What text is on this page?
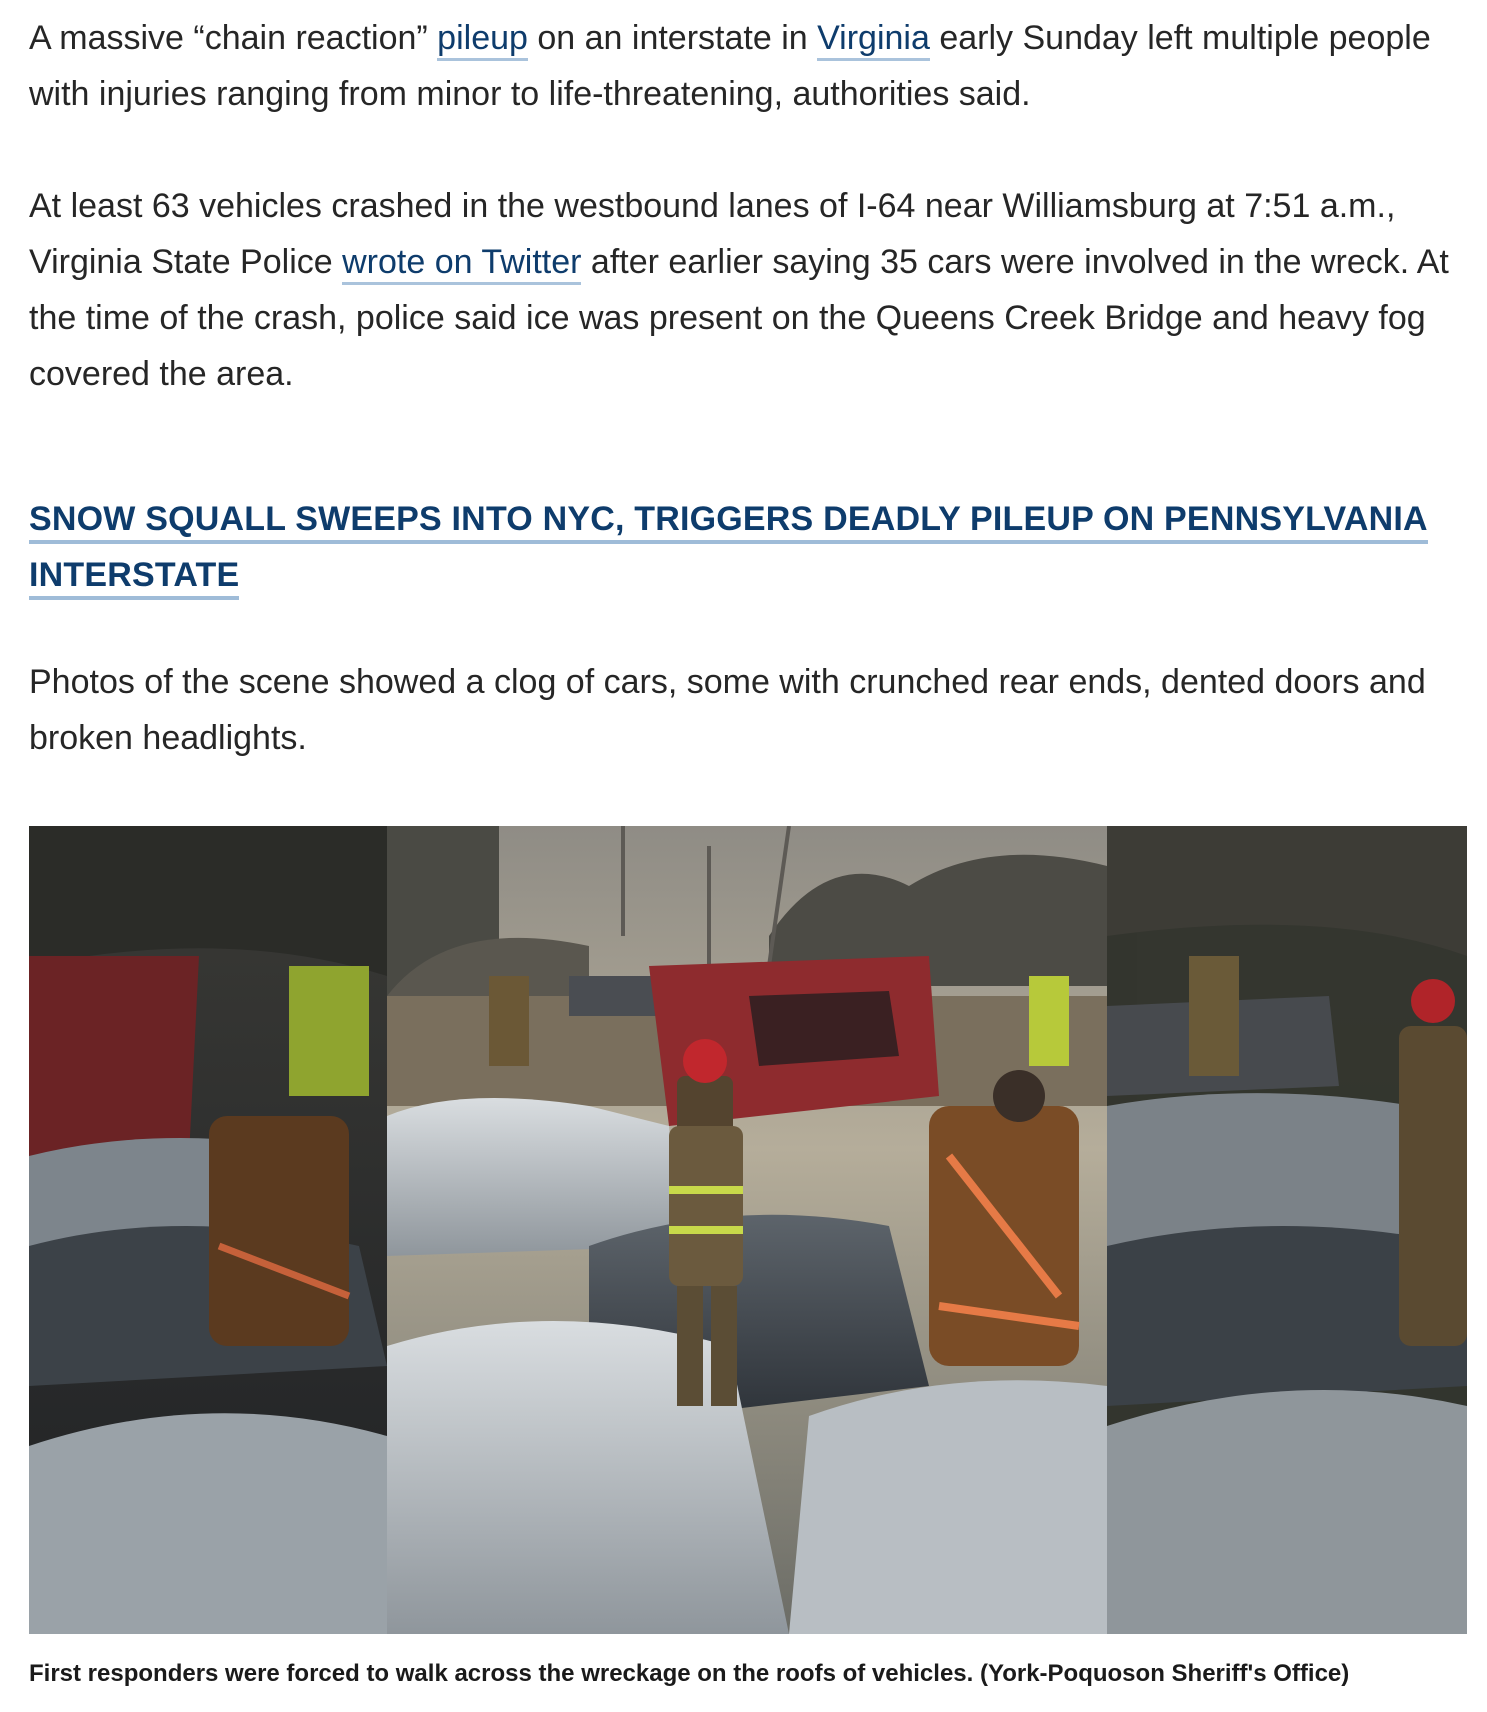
A massive “chain reaction” pileup on an interstate in Virginia early Sunday left multiple people with injuries ranging from minor to life-threatening, authorities said.

At least 63 vehicles crashed in the westbound lanes of I-64 near Williamsburg at 7:51 a.m., Virginia State Police wrote on Twitter after earlier saying 35 cars were involved in the wreck. At the time of the crash, police said ice was present on the Queens Creek Bridge and heavy fog covered the area.

SNOW SQUALL SWEEPS INTO NYC, TRIGGERS DEADLY PILEUP ON PENNSYLVANIA INTERSTATE

Photos of the scene showed a clog of cars, some with crunched rear ends, dented doors and broken headlights.

First responders were forced to walk across the wreckage on the roofs of vehicles. (York-Poquoson Sheriff's Office)
